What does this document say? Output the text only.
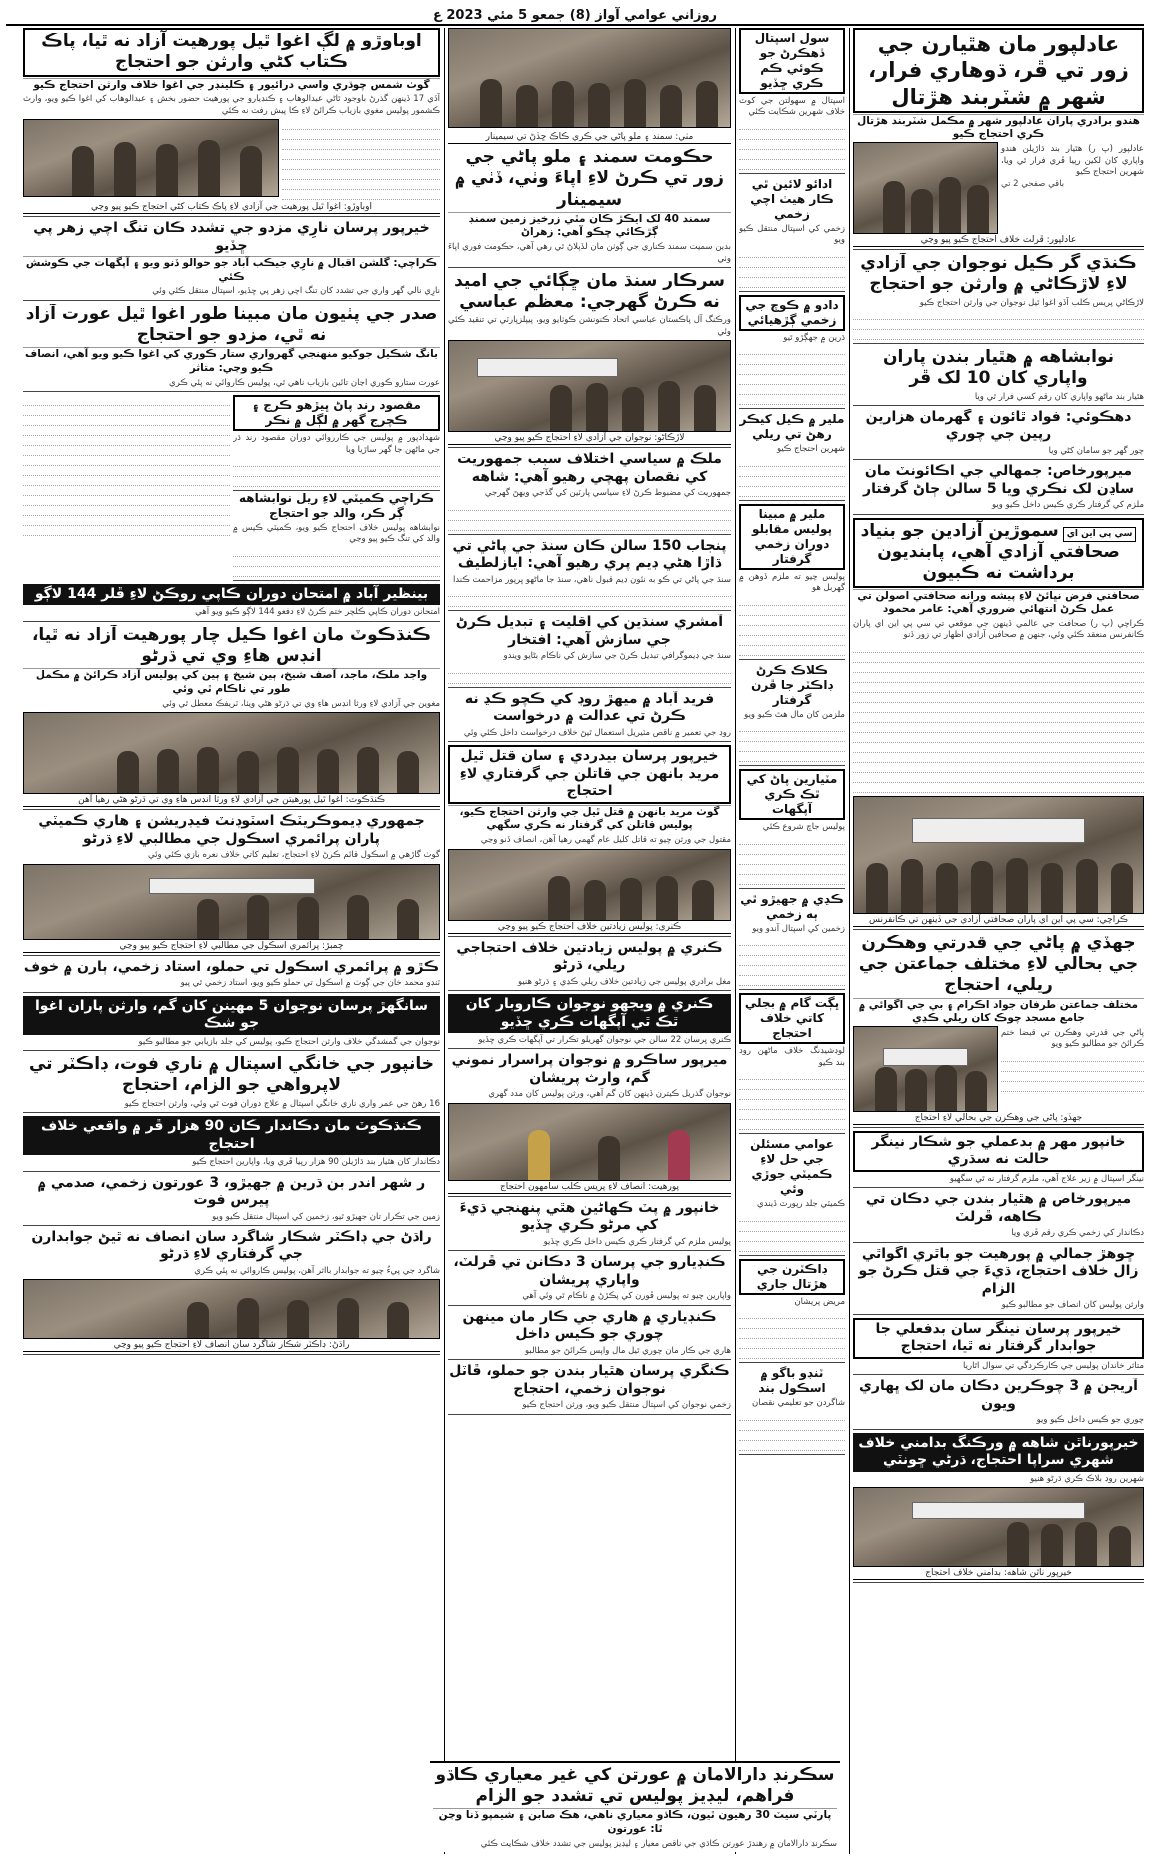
روزاني عوامي آواز (8) جمعو 5 مئي 2023 ع
عادلپور مان هٿيارن جي زور تي ڦر، ڌوهاري فرار، شهر ۾ شٽربند هڙتال
هندو برادري پاران عادلپور شهر ۾ مڪمل شٽربند هڙتال ڪري احتجاج ڪيو
عادلپور (پ ر) هٿيار بند ڌاڙيلن هندو واپاري کان لکين رپيا ڦري فرار ٿي ويا، شهرين احتجاج ڪيو
باقي صفحي 2 تي
عادلپور: ڦرلٽ خلاف احتجاج ڪيو پيو وڃي
ڪنڌي گر ڪيل نوجوان جي آزادي لاءِ لاڙڪاڻي ۾ وارثن جو احتجاج
لاڙڪاڻي پريس ڪلب آڏو اغوا ٿيل نوجوان جي وارثن احتجاج ڪيو
نوابشاهه ۾ هٿيار بندن پاران واپاري کان 10 لک ڦر
هٿيار بند ماڻهو واپاري کان رقم کسي فرار ٿي ويا
دهڪوئي: فواد ٿائون ۽ گهرمان هزارين رپين جي چوري
چور گهر جو سامان کڻي ويا
ميرپورخاص: جمهالي جي اڪائونٽ مان ساڍن لک نڪري ويا 5 سالن ڄاڻ گرفتار
ملزم کي گرفتار ڪري ڪيس داخل ڪيو ويو
سي پي اين ايسموڙين آزادين جو بنياد صحافتي آزادي آهي، پابنديون برداشت نه ڪبيون
صحافتي فرض نڀائڻ لاءِ پيشه ورانه صحافتي اصولن تي عمل ڪرڻ انتهائي ضروري آهي: عامر محمود
ڪراچي (پ ر) صحافت جي عالمي ڏينهن جي موقعي تي سي پي اين اي پاران ڪانفرنس منعقد ڪئي وئي، جنهن ۾ صحافين آزادي اظهار تي زور ڏنو
ڪراچي: سي پي اين اي پاران صحافتي آزادي جي ڏينهن تي ڪانفرنس
جهڏي ۾ پاڻي جي قدرتي وهڪرن جي بحالي لاءِ مختلف جماعتن جي ريلي، احتجاج
مختلف جماعتن طرفان جواد اڪرام ۽ بي جي اگوائي ۾ جامع مسجد چوڪ کان ريلي ڪڍي
پاڻي جي قدرتي وهڪرن تي قبضا ختم ڪرائڻ جو مطالبو ڪيو ويو
جهڏو: پاڻي جي وهڪرن جي بحالي لاءِ احتجاج
خانپور مهر ۾ بدعملي جو شڪار نينگر حالت نه سڌري
نينگر اسپتال ۾ زير علاج آهي، ملزم گرفتار نه ٿي سگهيو
ميرپورخاص ۾ هٿيار بندن جي دڪان تي ڪاهه، ڦرلٽ
دڪاندار کي زخمي ڪري رقم ڦري ويا
ڇوهڙ جمالي ۾ پورهيت جو باٿري اگواٿي زال خلاف احتجاج، ڌيءَ جي قتل ڪرڻ جو الزام
وارثن پوليس کان انصاف جو مطالبو ڪيو
خيرپور پرسان نينگر سان بدفعلي جا جوابدار گرفتار نه ٿيا، احتجاج
متاثر خاندان پوليس جي ڪارڪردگي تي سوال اٿاريا
آريجن ۾ 3 چوڪرين دڪان مان لک ڀهاري ويون
چوري جو ڪيس داخل ڪيو ويو
خيرپورناٿن شاهه ۾ ورڪنگ بدامني خلاف شهري سراپا احتجاج، ڌرڻي ڇونٽي
شهرين روڊ بلاڪ ڪري ڌرڻو هنيو
خيرپور ناٿن شاهه: بدامني خلاف احتجاج
سول اسپتال ڏهڪرڻ جو ڪوئي ڪم ڪري ڇڏيو
اسپتال ۾ سهولتن جي کوٽ خلاف شهرين شڪايت ڪئي
ادائو لائين ٿي ڪار هيٺ اچي زخمي
زخمي کي اسپتال منتقل ڪيو ويو
دادو ۾ ڪوچ جي زخمي ڳڙهيائي
ڌرين ۾ جهڳڙو ٿيو
ملير ۾ ڪيل کيڪر رهڻ تي ريلي
شهرين احتجاج ڪيو
ملير ۾ مبينا پوليس مقابلو دوران زخمي گرفتار
پوليس چيو ته ملزم ڏوهن ۾ گهربل هو
ڪلاڪ ڪرڻ ڊاڪٽر جا ڦرن گرفتار
ملزمن کان مال هٿ ڪيو ويو
مٽيارين پاڻ کي ٿڪ ڪري آپگهات
پوليس جاچ شروع ڪئي
ڪڍي ۾ جهيڙو ٿي ٻه زخمي
زخمين کي اسپتال آندو ويو
ڀڳت گام ۾ بجلي کاتي خلاف احتجاج
لوڊشيڊنگ خلاف ماڻهن روڊ بند ڪيو
عوامي مسئلن جي حل لاءِ ڪميٽي جوڙي وئي
ڪميٽي جلد رپورٽ ڏيندي
ڊاڪٽرن جي هڙتال جاري
مريض پريشان
ٽنڊو باگو ۾ اسڪول بند
شاگردن جو تعليمي نقصان
مٺي: سمند ۽ ملو پاڻي جي ڪري ڪاڪ ڇڏڻ تي سيمينار
حڪومت سمند ۽ ملو پاڻي جي زور تي ڪرڻ لاءِ اپاءَ وٺي، ڏٺي ۾ سيمينار
سمند 40 لک ايڪڙ ڪان مٿي زرخيز زمين سمنڊ ڳڙڪائي چڪو آهي: زهراڻ
بدين سميت سمند ڪناري جي ڳوٺن مان لڏپلاڻ ٿي رهي آهي، حڪومت فوري اپاءَ وٺي
سرڪار سنڌ مان ڇڳائي جي اميد نه ڪرڻ گهرجي: معظم عباسي
ورڪنگ آل پاڪستان عباسي اتحاد ڪنونشن ڪوٺايو ويو، پيپلزپارٽي تي تنقيد ڪئي وئي
لاڙڪاڻو: نوجوان جي آزادي لاءِ احتجاج ڪيو پيو وڃي
ملڪ ۾ سياسي اختلاف سبب جمهوريت کي نقصان پهچي رهيو آهي: شاهه
جمهوريت کي مضبوط ڪرڻ لاءِ سياسي پارٽين کي گڏجي ويهڻ گهرجي
پنجاب 150 سالن ڪان سنڌ جي پاڻي تي ڌاڙا هڻي ڊيم پري رهيو آهي: ايازلطيف
سنڌ جي پاڻي تي ڪو به نئون ڊيم قبول ناهي، سنڌ جا ماڻهو ڀرپور مزاحمت ڪندا
آمشري سنڌين کي اقليت ۽ تبديل ڪرڻ جي سازش آهي: افتخار
سنڌ جي ڊيموگرافي تبديل ڪرڻ جي سازش کي ناڪام بڻايو ويندو
فريد آباد ۾ ميهڙ روڊ کي ڪچو ڪڍ نه ڪرڻ تي عدالت ۾ درخواست
روڊ جي تعمير ۾ ناقص مٽيريل استعمال ٿيڻ خلاف درخواست داخل ڪئي وئي
خيرپور پرسان بيدردي ۽ سان قتل ٿيل مريد بانهن جي قاتلن جي گرفتاري لاءِ احتجاج
گوٺ مريد بانهن ۾ قتل ٿيل جي وارثن احتجاج ڪيو، پوليس قاتلن کي گرفتار نه ڪري سگهي
مقتول جي ورثن چيو ته قاتل کليل عام گهمي رهيا آهن، انصاف ڏنو وڃي
ڪنري: پوليس زيادتين خلاف احتجاج ڪيو پيو وڃي
ڪنري ۾ پوليس زيادتين خلاف احتجاجي ريلي، ڌرڻو
مغل برادري پوليس جي زيادتين خلاف ريلي ڪڍي ۽ ڌرڻو هنيو
ڪنري ۾ ويجهو نوجوان ڪاروبار کان ٿڪ ٿي آپگهات ڪري ڇڏيو
ڪنري ڀرسان 22 سالن جي نوجوان گهريلو تڪرار تي آپگهات ڪري ڇڏيو
ميرپور ساڪرو ۾ نوجوان پراسرار نموني گم، وارث پريشان
نوجوان گذريل ڪيترن ڏينهن کان گم آهي، ورثن پوليس کان مدد گهري
پورهيت: انصاف لاءِ پريس ڪلب سامهون احتجاج
خانپور ۾ پٽ ڪهاڻين هٿي پنهنجي ڌيءَ کي مرڻو ڪري ڇڏيو
پوليس ملزم کي گرفتار ڪري ڪيس داخل ڪري ڇڏيو
ڪنڊيارو جي پرسان 3 دڪانن تي ڦرلٽ، واپاري پريشان
واپارين چيو ته پوليس ڦورن کي پڪڙڻ ۾ ناڪام ٿي وئي آهي
ڪنڊياري ۾ هاري جي ڪار مان مينهن چوري جو ڪيس داخل
هاري جي ڪار مان چوري ٿيل مال واپس ڪرائڻ جو مطالبو
ڪنگري پرسان هٿيار بندن جو حملو، ڦاٽل نوجوان زخمي، احتجاج
زخمي نوجوان کي اسپتال منتقل ڪيو ويو، ورثن احتجاج ڪيو
اوباوڙو ۾ لڳ اغوا ٿيل پورهيت آزاد نه ٿيا، پاڪ ڪتاب کڻي وارثن جو احتجاج
گوٺ شمس چوڌري واسي درائيور ۽ ڪلينڊر جي اغوا خلاف وارثن احتجاج ڪيو
آڏي 17 ڏينهن گذرڻ باوجود ٿاڻي عبدالوهاب ۽ ڪنڊيارو جي پورهيت حضور بخش ۽ عبدالوهاب کي اغوا ڪيو ويو، وارث ڪشمور پوليس مغوي بازياب ڪرائڻ لاءِ ڪا پيش رفت نه ڪئي
اوباوڙو: اغوا ٿيل پورهيت جي آزادي لاءِ پاڪ ڪتاب کڻي احتجاج ڪيو پيو وڃي
خيرپور پرسان نارِي مزدو جي تشدد ڪان تنگ اچي زهر پي ڇڏيو
ڪراچي: گلشن اقبال ۾ نارِي جيڪب آباد جو حوالو ڏنو ويو ۽ آپگهات جي ڪوشش ڪئي
نارِي نالي گهر واري جي تشدد کان تنگ اچي زهر پي ڇڏيو، اسپتال منتقل ڪئي وئي
صدر جي پٺيون مان مبينا طور اغوا ٿيل عورت آزاد نه ٿي، مزدو جو احتجاج
بانگ شڪيل جوکيو منهنجي گهرواري ستار ڪوري کي اغوا ڪيو ويو آهي، انصاف ڪيو وڃي: متاثر
عورت ستارو ڪوري اڃان تائين بازياب ناهي ٿي، پوليس ڪاروائي نه پئي ڪري
مقصود رند پاڻ ڀيڙهو ڪرج ۽ ڪچرج گهر ۾ لڳل ۾ نڪر
شهدادپور ۾ پوليس جي ڪارروائي دوران مقصود رند ڌر جي ماڻهن جا گهر ساڙيا ويا
ڪراچي ڪميٽي لاءِ ريل نوابشاهه ڳر ڪر، والد جو احتجاج
نوابشاهه پوليس خلاف احتجاج ڪيو ويو، ڪميٽي ڪيس ۾ والد کي تنگ ڪيو پيو وڃي
بينظير آباد ۾ امتحان دوران ڪاپي روڪڻ لاءِ ڦلر 144 لاڳو
امتحانن دوران ڪاپي ڪلچر ختم ڪرڻ لاءِ دفعو 144 لاڳو ڪيو ويو آهي
ڪنڌڪوٽ مان اغوا ڪيل چار پورهيت آزاد نه ٿيا، انڊس هاءِ وي تي ڌرڻو
واجد ملڪ، ماجد، آصف شيخ، ٻين شيخ ۽ ٻين کي پوليس آزاد ڪرائڻ ۾ مڪمل طور تي ناڪام ٿي وئي
مغوين جي آزادي لاءِ ورثا انڊس هاءِ وي تي ڌرڻو هڻي ويٺا، ٽريفڪ معطل ٿي وئي
ڪنڌڪوٽ: اغوا ٿيل پورهيتن جي آزادي لاءِ ورثا انڊس هاءِ وي تي ڌرڻو هڻي رهيا آهن
جمهوري ڊيموڪريٽڪ اسٽوڊنٽ فيڊريشن ۽ هاري ڪميٽي پاران پرائمري اسڪول جي مطالبي لاءِ ڌرڻو
گوٺ گاڙهي ۾ اسڪول قائم ڪرڻ لاءِ احتجاج، تعليم کاتي خلاف نعره بازي ڪئي وئي
چمبڙ: پرائمري اسڪول جي مطالبي لاءِ احتجاج ڪيو پيو وڃي
ڪڙو ۾ پرائمري اسڪول تي حملو، استاد زخمي، ٻارن ۾ خوف
ٽنڊو محمد خان جي ڳوٺ ۾ اسڪول تي حملو ڪيو ويو، استاد زخمي ٿي پيو
سانگهڙ پرسان نوجوان 5 مهينن کان گم، وارثن پاران اغوا جو شڪ
نوجوان جي گمشدگي خلاف وارثن احتجاج ڪيو، پوليس کي جلد بازيابي جو مطالبو ڪيو
خانپور جي خانگي اسپتال ۾ ناري فوت، ڊاڪٽر تي لاپرواهي جو الزام، احتجاج
16 رهڻ جي عمر واري ناري خانگي اسپتال ۾ علاج دوران فوت ٿي وئي، وارثن احتجاج ڪيو
ڪنڌڪوٽ مان دڪاندار ڪان 90 هزار ڦر ۾ واقعي خلاف احتجاج
دڪاندار کان هٿيار بند ڌاڙيلن 90 هزار رپيا ڦري ويا، واپارين احتجاج ڪيو
ر شهر اندر بن ڌرين ۾ جهيڙو، 3 عورتون زخمي، صدمي ۾ پيرس فوت
زمين جي تڪرار تان جهيڙو ٿيو، زخمين کي اسپتال منتقل ڪيو ويو
راڌڻ جي ڊاڪٽر شڪار شاگرد سان انصاف نه ٿيڻ جوابدارن جي گرفتاري لاءِ ڌرڻو
شاگرد جي پيءُ چيو ته جوابدار بااثر آهن، پوليس ڪاروائي نه پئي ڪري
راڌڻ: ڊاڪٽر شڪار شاگرد سان انصاف لاءِ احتجاج ڪيو پيو وڃي
سڪرنڊ دارالامان ۾ عورتن کي غير معياري ڪاڌو فراهم، ليڊيز پوليس تي تشدد جو الزام
پارٽي سيٽ 30 رهيون ٿيون، ڪاڌو معياري ناهي، هڪ صابن ۽ شيمپو ڏنا وڃن ٿا: عورتون
سڪرنڊ دارالامان ۾ رهندڙ عورتن ڪاڌي جي ناقص معيار ۽ ليڊيز پوليس جي تشدد خلاف شڪايت ڪئي
